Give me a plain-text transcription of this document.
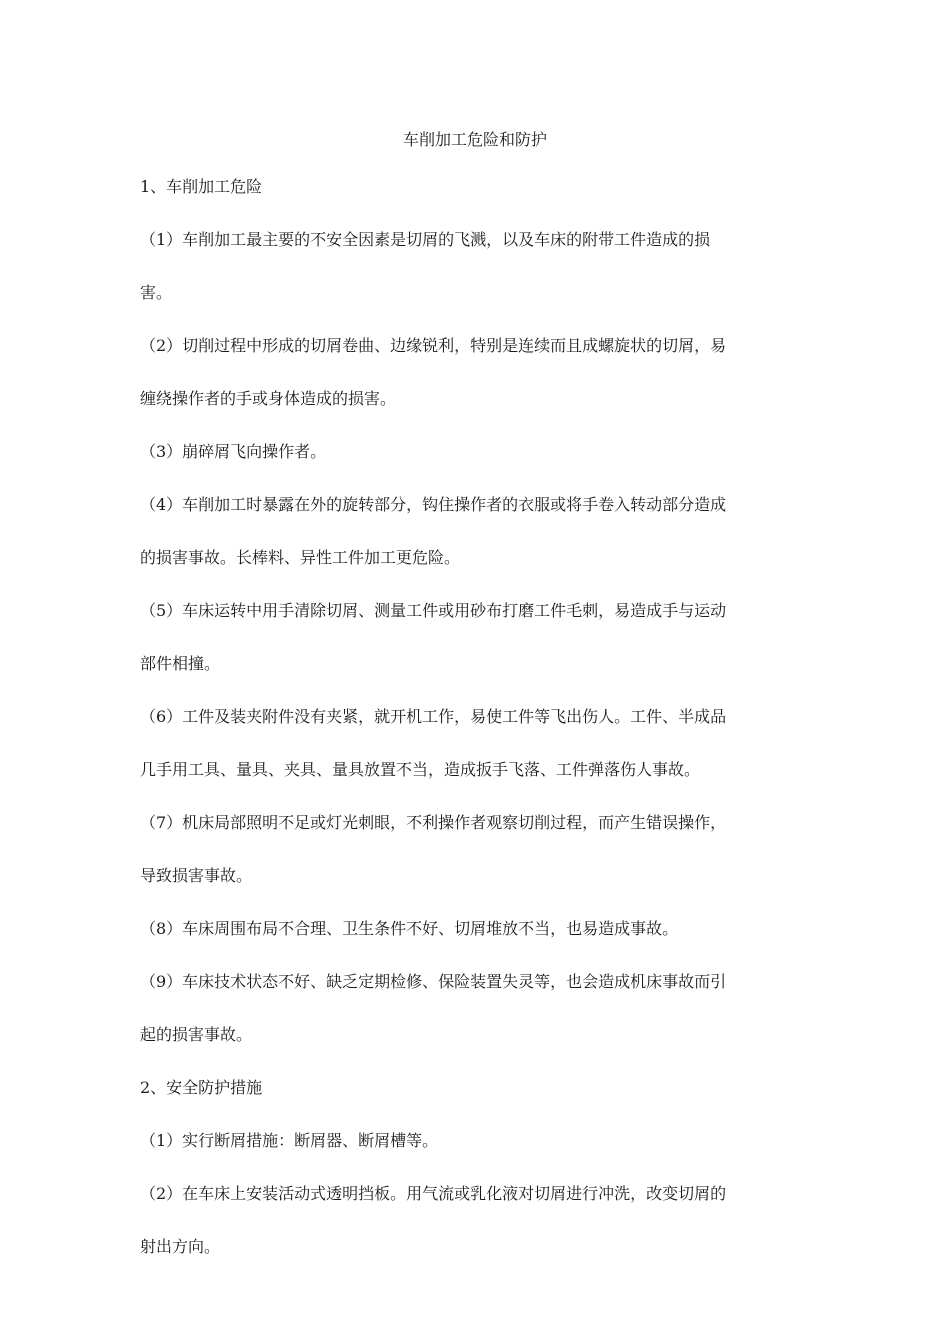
车削加工危险和防护

1、车削加工危险

（1）车削加工最主要的不安全因素是切屑的飞溅，以及车床的附带工件造成的损
害。

（2）切削过程中形成的切屑卷曲、边缘锐利，特别是连续而且成螺旋状的切屑，易
缠绕操作者的手或身体造成的损害。

（3）崩碎屑飞向操作者。

（4）车削加工时暴露在外的旋转部分，钩住操作者的衣服或将手卷入转动部分造成
的损害事故。长棒料、异性工件加工更危险。

（5）车床运转中用手清除切屑、测量工件或用砂布打磨工件毛刺，易造成手与运动
部件相撞。

（6）工件及装夹附件没有夹紧，就开机工作，易使工件等飞出伤人。工件、半成品
几手用工具、量具、夹具、量具放置不当，造成扳手飞落、工件弹落伤人事故。

（7）机床局部照明不足或灯光刺眼，不利操作者观察切削过程，而产生错误操作，
导致损害事故。

（8）车床周围布局不合理、卫生条件不好、切屑堆放不当，也易造成事故。

（9）车床技术状态不好、缺乏定期检修、保险装置失灵等，也会造成机床事故而引
起的损害事故。

2、安全防护措施

（1）实行断屑措施：断屑器、断屑槽等。

（2）在车床上安装活动式透明挡板。用气流或乳化液对切屑进行冲洗，改变切屑的
射出方向。
